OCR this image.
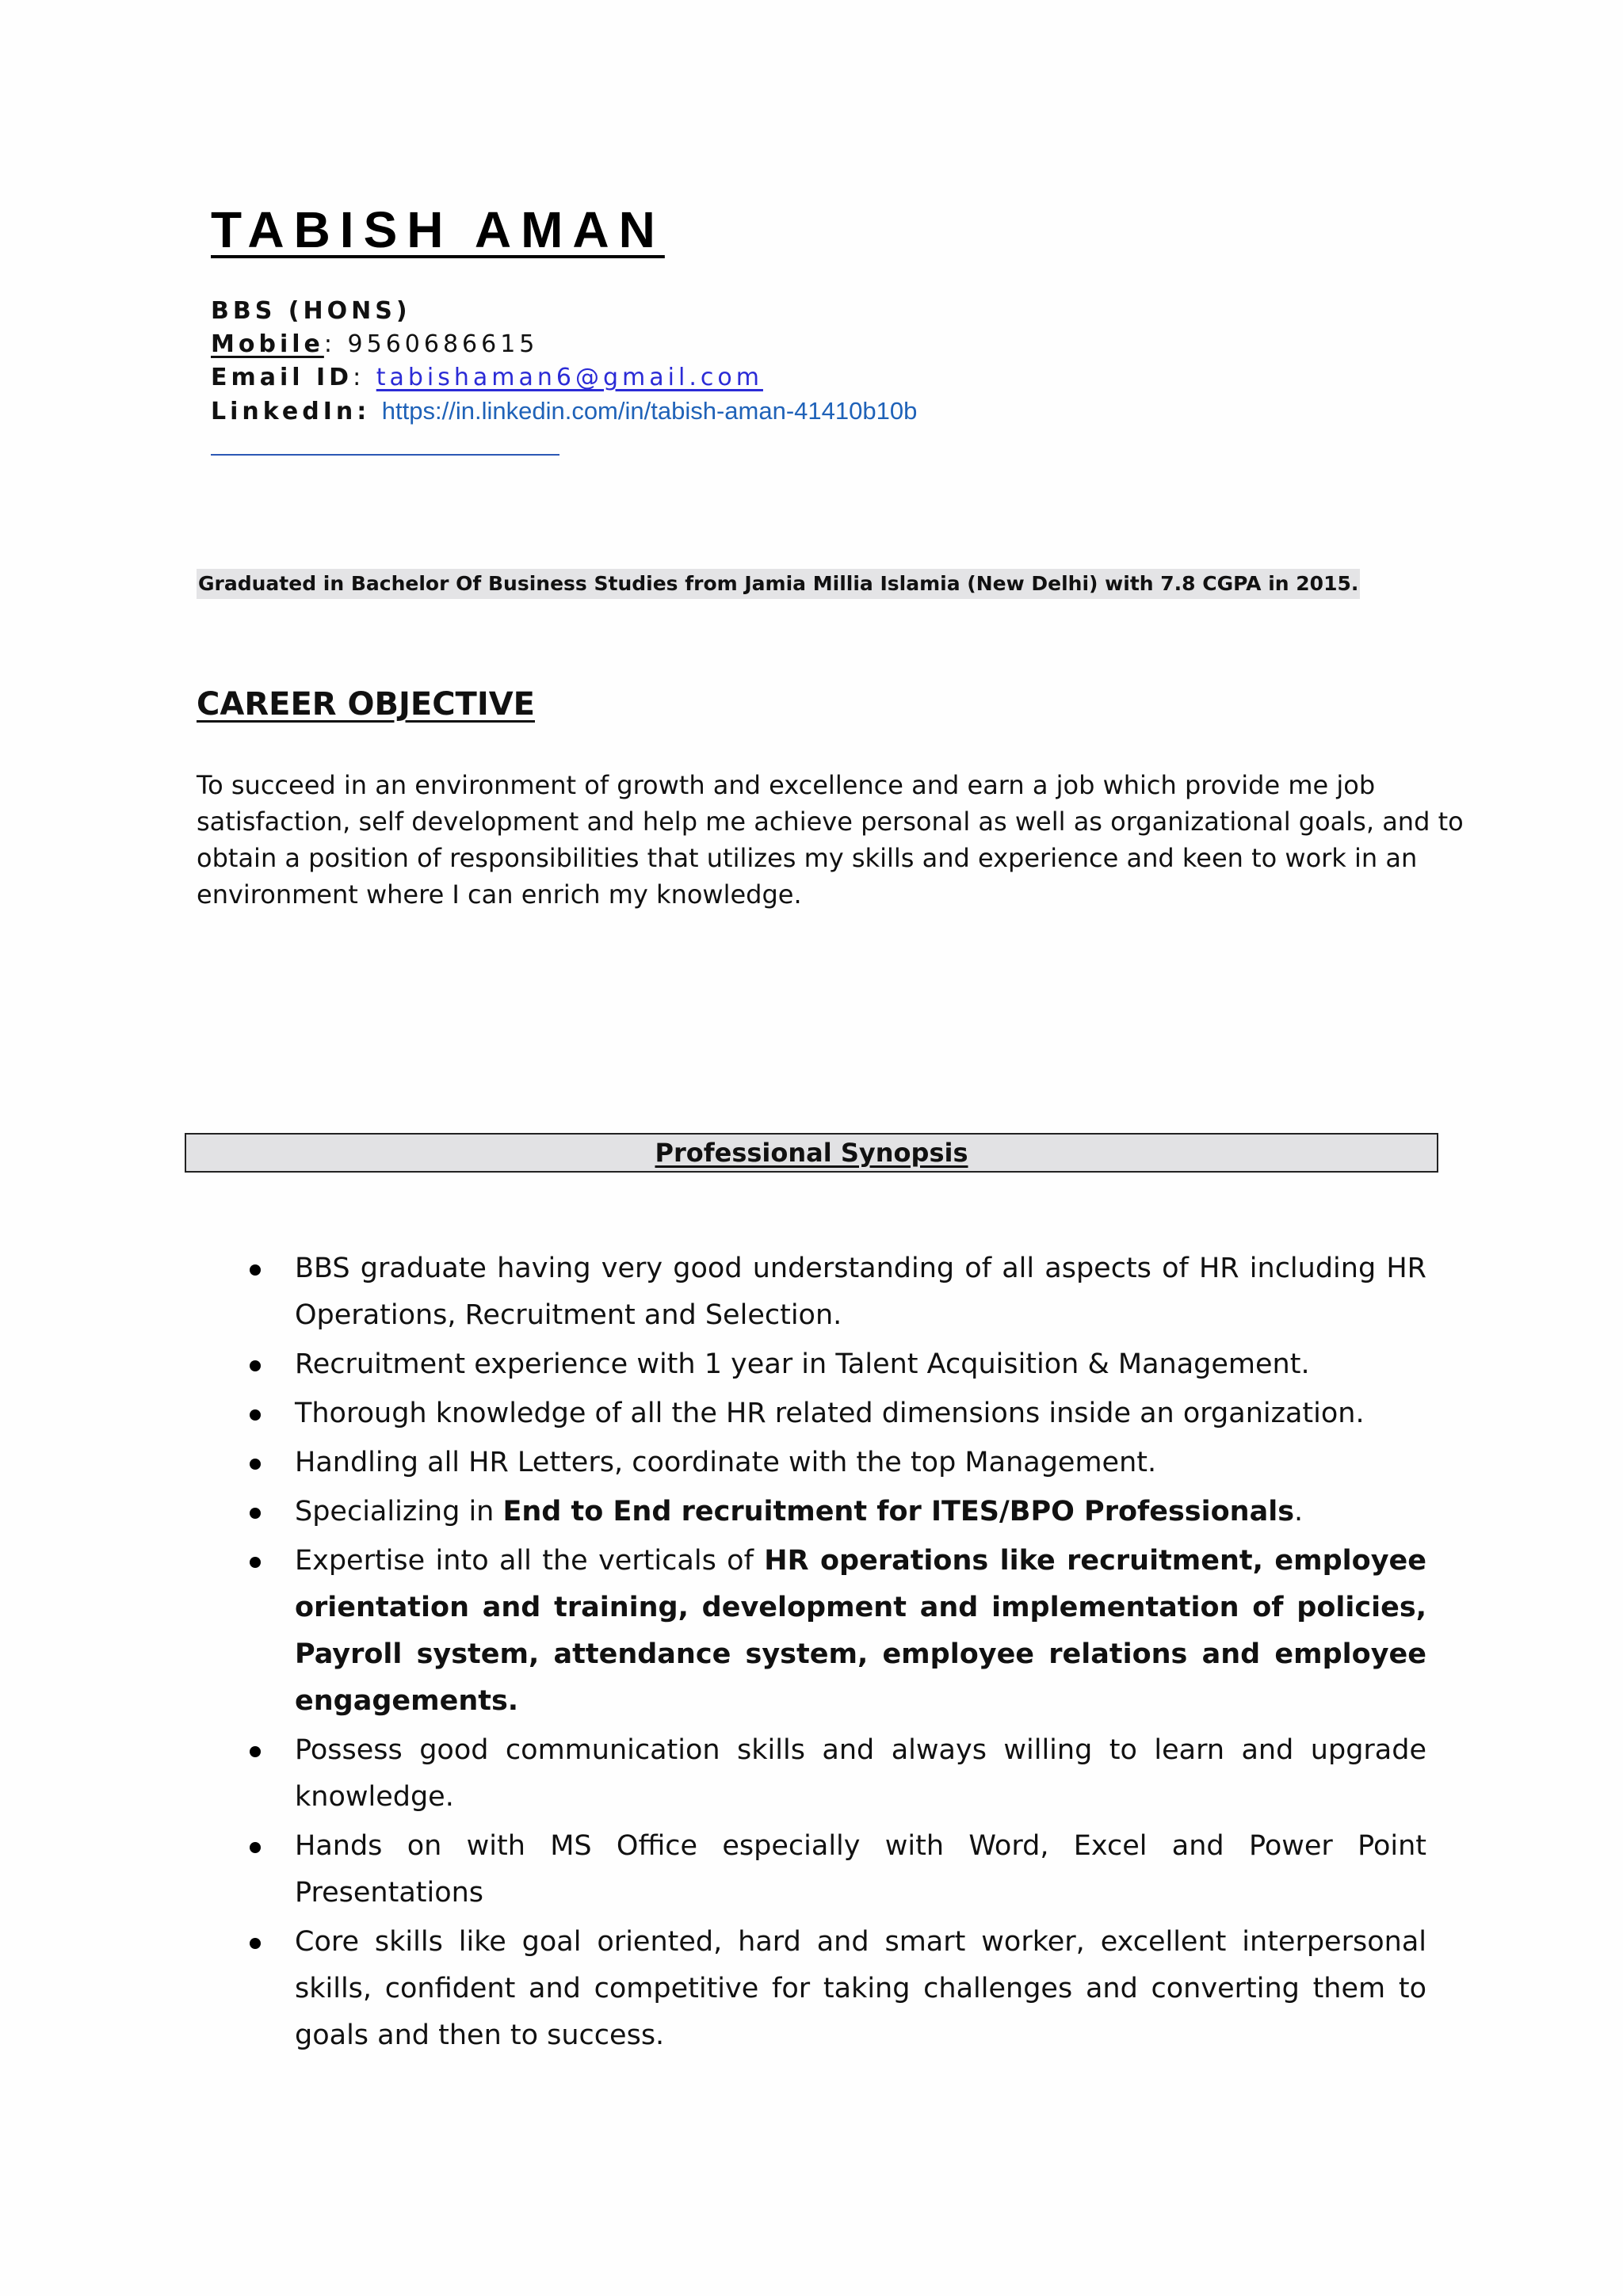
TABISH AMAN
BBS (HONS)
Mobile: 9560686615
Email ID: tabishaman6@gmail.com
LinkedIn: https://in.linkedin.com/in/tabish-aman-41410b10b
Graduated in Bachelor Of Business Studies from Jamia Millia Islamia (New Delhi) with 7.8 CGPA in 2015.
CAREER OBJECTIVE

To succeed in an environment of growth and excellence and earn a job which provide me job satisfaction, self development and help me achieve personal as well as organizational goals, and to obtain a position of responsibilities that utilizes my skills and experience and keen to work in an environment where I can enrich my knowledge.

Professional Synopsis
BBS graduate having very good understanding of all aspects of HR including HR Operations, Recruitment and Selection.
Recruitment experience with 1 year in Talent Acquisition & Management.
Thorough knowledge of all the HR related dimensions inside an organization.
Handling all HR Letters, coordinate with the top Management.
Specializing in End to End recruitment for ITES/BPO Professionals.
Expertise into all the verticals of HR operations like recruitment, employee orientation and training, development and implementation of policies, Payroll system, attendance system, employee relations and employee engagements.
Possess good communication skills and always willing to learn and upgrade knowledge.
Hands on with MS Office especially with Word, Excel and Power Point Presentations
Core skills like goal oriented, hard and smart worker, excellent interpersonal skills, confident and competitive for taking challenges and converting them to goals and then to success.
